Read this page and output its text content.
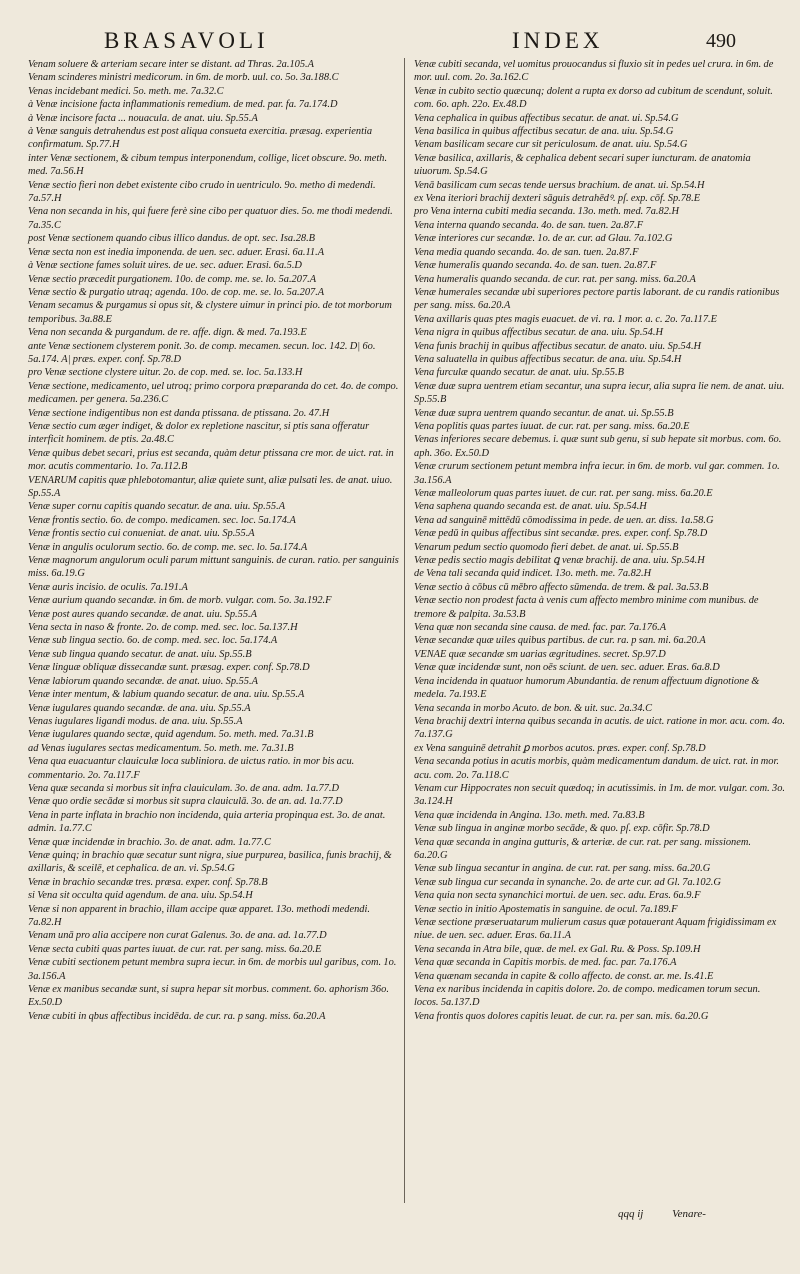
BRASAVOLI	INDEX	490

Venam soluere & arteriam secare inter se distant. ad Thras. 2a.105.A

Venam scinderes ministri medicorum. in 6m. de morb. uul. co. 5o. 3a.188.C

Venas incidebant medici. 5o. meth. me. 7a.32.C

à Venæ incisione facta inflammationis remedium. de med. par. fa. 7a.174.D

à Venæ incisore facta ... nouacula. de anat. uiu. Sp.55.A

à Venæ sanguis detrahendus est post aliqua consueta exercitia. præsag. experientia confirmatum. Sp.77.H

inter Venæ sectionem, & cibum tempus interponendum, collige, licet obscure. 9o. meth. med. 7a.56.H

Venæ sectio fieri non debet existente cibo crudo in uentriculo. 9o. metho di medendi. 7a.57.H

Vena non secanda in his, qui fuere ferè sine cibo per quatuor dies. 5o. me thodi medendi. 7a.35.C

post Venæ sectionem quando cibus illico dandus. de opt. sec. Isa.28.B

Venæ secta non est inedia imponenda. de uen. sec. aduer. Erasi. 6a.11.A

à Venæ sectione fames soluit uires. de ue. sec. aduer. Erasi. 6a.5.D

Venæ sectio præcedit purgationem. 10o. de comp. me. se. lo. 5a.207.A

Venæ sectio & purgatio utraq; agenda. 10o. de cop. me. se. lo. 5a.207.A

Venam secamus & purgamus si opus sit, & clystere uimur in princi pio. de tot morborum temporibus. 3a.88.E

Vena non secanda & purgandum. de re. affe. dign. & med. 7a.193.E

ante Venæ sectionem clysterem ponit. 3o. de comp. mecamen. secun. loc. 142. D| 6o. 5a.174. A| præs. exper. conf. Sp.78.D

pro Venæ sectione clystere uitur. 2o. de cop. med. se. loc. 5a.133.H

Venæ sectione, medicamento, uel utroq; primo corpora præparanda do cet. 4o. de compo. medicamen. per genera. 5a.236.C

Venæ sectione indigentibus non est danda ptissana. de ptissana. 2o. 47.H

Venæ sectio cum æger indiget, & dolor ex repletione nascitur, si ptis sana offeratur interficit hominem. de ptis. 2a.48.C

Venæ quibus debet secari, prius est secanda, quàm detur ptissana cre mor. de uict. rat. in mor. acutis commentario. 1o. 7a.112.B

VENARUM capitis quæ phlebotomantur, aliæ quiete sunt, aliæ pulsati les. de anat. uiuo. Sp.55.A

Venæ super cornu capitis quando secatur. de ana. uiu. Sp.55.A

Venæ frontis sectio. 6o. de compo. medicamen. sec. loc. 5a.174.A

Venæ frontis sectio cui conueniat. de anat. uiu. Sp.55.A

Venæ in angulis oculorum sectio. 6o. de comp. me. sec. lo. 5a.174.A

Venæ magnorum angulorum oculi parum mittunt sanguinis. de curan. ratio. per sanguinis miss. 6a.19.G

Venæ auris incisio. de oculis. 7a.191.A

Venæ aurium quando secandæ. in 6m. de morb. vulgar. com. 5o. 3a.192.F

Venæ post aures quando secandæ. de anat. uiu. Sp.55.A

Vena secta in naso & fronte. 2o. de comp. med. sec. loc. 5a.137.H

Venæ sub lingua sectio. 6o. de comp. med. sec. loc. 5a.174.A

Venæ sub lingua quando secatur. de anat. uiu. Sp.55.B

Venæ linguæ obliquæ dissecandæ sunt. præsag. exper. conf. Sp.78.D

Venæ labiorum quando secandæ. de anat. uiuo. Sp.55.A

Venæ inter mentum, & labium quando secatur. de ana. uiu. Sp.55.A

Venæ iugulares quando secandæ. de ana. uiu. Sp.55.A

Venas iugulares ligandi modus. de ana. uiu. Sp.55.A

Venæ iugulares quando sectæ, quid agendum. 5o. meth. med. 7a.31.B

ad Venas iugulares sectas medicamentum. 5o. meth. me. 7a.31.B

Vena qua euacuantur clauiculæ loca subliniora. de uictus ratio. in mor bis acu. commentario. 2o. 7a.117.F

Vena quæ secanda si morbus sit infra clauiculam. 3o. de ana. adm. 1a.77.D

Venæ quo ordie secādæ si morbus sit supra clauiculā. 3o. de an. ad. 1a.77.D

Vena in parte inflata in brachio non incidenda, quia arteria propinqua est. 3o. de anat. admin. 1a.77.C

Venæ quæ incidendæ in brachio. 3o. de anat. adm. 1a.77.C

Venæ quinq; in brachio quæ secatur sunt nigra, siue purpurea, basilica, funis brachij, & axillaris, & sceilē, et cephalica. de an. vi. Sp.54.G

Venæ in brachio secandæ tres. præsa. exper. conf. Sp.78.B

si Vena sit occulta quid agendum. de ana. uiu. Sp.54.H

Venæ si non apparent in brachio, illam accipe quæ apparet. 13o. methodi medendi. 7a.82.H

Venam unā pro alia accipere non curat Galenus. 3o. de ana. ad. 1a.77.D

Venæ secta cubiti quas partes iuuat. de cur. rat. per sang. miss. 6a.20.E

Venæ cubiti sectionem petunt membra supra iecur. in 6m. de morbis uul garibus, com. 1o. 3a.156.A

Venæ ex manibus secandæ sunt, si supra hepar sit morbus. comment. 6o. aphorism 36o. Ex.50.D

Venæ cubiti in qbus affectibus incidēda. de cur. ra. p sang. miss. 6a.20.A

Venæ cubiti secanda, vel uomitus prouocandus si fluxio sit in pedes uel crura. in 6m. de mor. uul. com. 2o. 3a.162.C

Venæ in cubito sectio quæcunq; dolent a rupta ex dorso ad cubitum de scendunt, soluit. com. 6o. aph. 22o. Ex.48.D

Vena cephalica in quibus affectibus secatur. de anat. ui. Sp.54.G

Vena basilica in quibus affectibus secatur. de ana. uiu. Sp.54.G

Venam basilicam secare cur sit periculosum. de anat. uiu. Sp.54.G

Venæ basilica, axillaris, & cephalica debent secari super iuncturam. de anatomia uiuorum. Sp.54.G

Venā basilicam cum secas tende uersus brachium. de anat. ui. Sp.54.H

ex Vena iteriori brachij dexteri sāguis detrahēdꝰ. pſ. exp. cōf. Sp.78.E

pro Vena interna cubiti media secanda. 13o. meth. med. 7a.82.H

Vena interna quando secanda. 4o. de san. tuen. 2a.87.F

Venæ interiores cur secandæ. 1o. de ar. cur. ad Glau. 7a.102.G

Vena media quando secanda. 4o. de san. tuen. 2a.87.F

Venæ humeralis quando secanda. 4o. de san. tuen. 2a.87.F

Vena humeralis quando secanda. de cur. rat. per sang. miss. 6a.20.A

Venæ humerales secandæ ubi superiores pectore partis laborant. de cu randis rationibus per sang. miss. 6a.20.A

Vena axillaris quas ptes magis euacuet. de vi. ra. 1 mor. a. c. 2o. 7a.117.E

Vena nigra in quibus affectibus secatur. de ana. uiu. Sp.54.H

Vena funis brachij in quibus affectibus secatur. de anato. uiu. Sp.54.H

Vena saluatella in quibus affectibus secatur. de ana. uiu. Sp.54.H

Vena furculæ quando secatur. de anat. uiu. Sp.55.B

Venæ duæ supra uentrem etiam secantur, una supra iecur, alia supra lie nem. de anat. uiu. Sp.55.B

Venæ duæ supra uentrem quando secantur. de anat. ui. Sp.55.B

Vena poplitis quas partes iuuat. de cur. rat. per sang. miss. 6a.20.E

Venas inferiores secare debemus. i. quæ sunt sub genu, si sub hepate sit morbus. com. 6o. aph. 36o. Ex.50.D

Venæ crurum sectionem petunt membra infra iecur. in 6m. de morb. vul gar. commen. 1o. 3a.156.A

Venæ malleolorum quas partes iuuet. de cur. rat. per sang. miss. 6a.20.E

Vena saphena quando secanda est. de anat. uiu. Sp.54.H

Vena ad sanguinē mittēdū cōmodissima in pede. de uen. ar. diss. 1a.58.G

Venæ pedū in quibus affectibus sint secandæ. pres. exper. conf. Sp.78.D

Venarum pedum sectio quomodo fieri debet. de anat. ui. Sp.55.B

Venæ pedis sectio magis debilitat ꝗ venæ brachij. de ana. uiu. Sp.54.H

de Vena tali secanda quid indicet. 13o. meth. me. 7a.82.H

Venæ sectio à cōbus cū mēbro affecto sūmenda. de trem. & pal. 3a.53.B

Venæ sectio non prodest facta à venis cum affecto membro minime com munibus. de tremore & palpita. 3a.53.B

Vena quæ non secanda sine causa. de med. fac. par. 7a.176.A

Venæ secandæ quæ uiles quibus partibus. de cur. ra. p san. mi. 6a.20.A

VENAE quæ secandæ sm uarias ægritudines. secret. Sp.97.D

Venæ quæ incidendæ sunt, non oēs sciunt. de uen. sec. aduer. Eras. 6a.8.D

Vena incidenda in quatuor humorum Abundantia. de renum affectuum dignotione & medela. 7a.193.E

Vena secanda in morbo Acuto. de bon. & uit. suc. 2a.34.C

Vena brachij dextri interna quibus secanda in acutis. de uict. ratione in mor. acu. com. 4o. 7a.137.G

ex Vena sanguinē detrahit ꝑ morbos acutos. præs. exper. conf. Sp.78.D

Vena secanda potius in acutis morbis, quàm medicamentum dandum. de uict. rat. in mor. acu. com. 2o. 7a.118.C

Venam cur Hippocrates non secuit quædoq; in acutissimis. in 1m. de mor. vulgar. com. 3o. 3a.124.H

Vena quæ incidenda in Angina. 13o. meth. med. 7a.83.B

Venæ sub lingua in anginæ morbo secāde, & quo. pſ. exp. cōfir. Sp.78.D

Vena quæ secanda in angina gutturis, & arteriæ. de cur. rat. per sang. missionem. 6a.20.G

Venæ sub lingua secantur in angina. de cur. rat. per sang. miss. 6a.20.G

Venæ sub lingua cur secanda in synanche. 2o. de arte cur. ad Gl. 7a.102.G

Vena quia non secta synanchici mortui. de uen. sec. adu. Eras. 6a.9.F

Venæ sectio in initio Apostematis in sanguine. de ocul. 7a.189.F

Venæ sectione præseruatarum mulierum casus quæ potauerant Aquam frigidissimam ex niue. de uen. sec. aduer. Eras. 6a.11.A

Vena secanda in Atra bile, quæ. de mel. ex Gal. Ru. & Poss. Sp.109.H

Vena quæ secanda in Capitis morbis. de med. fac. par. 7a.176.A

Vena quænam secanda in capite & collo affecto. de const. ar. me. Is.41.E

Vena ex naribus incidenda in capitis dolore. 2o. de compo. medicamen torum secun. locos. 5a.137.D

Vena frontis quos dolores capitis leuat. de cur. ra. per san. mis. 6a.20.G

qqq ij	Venare-
